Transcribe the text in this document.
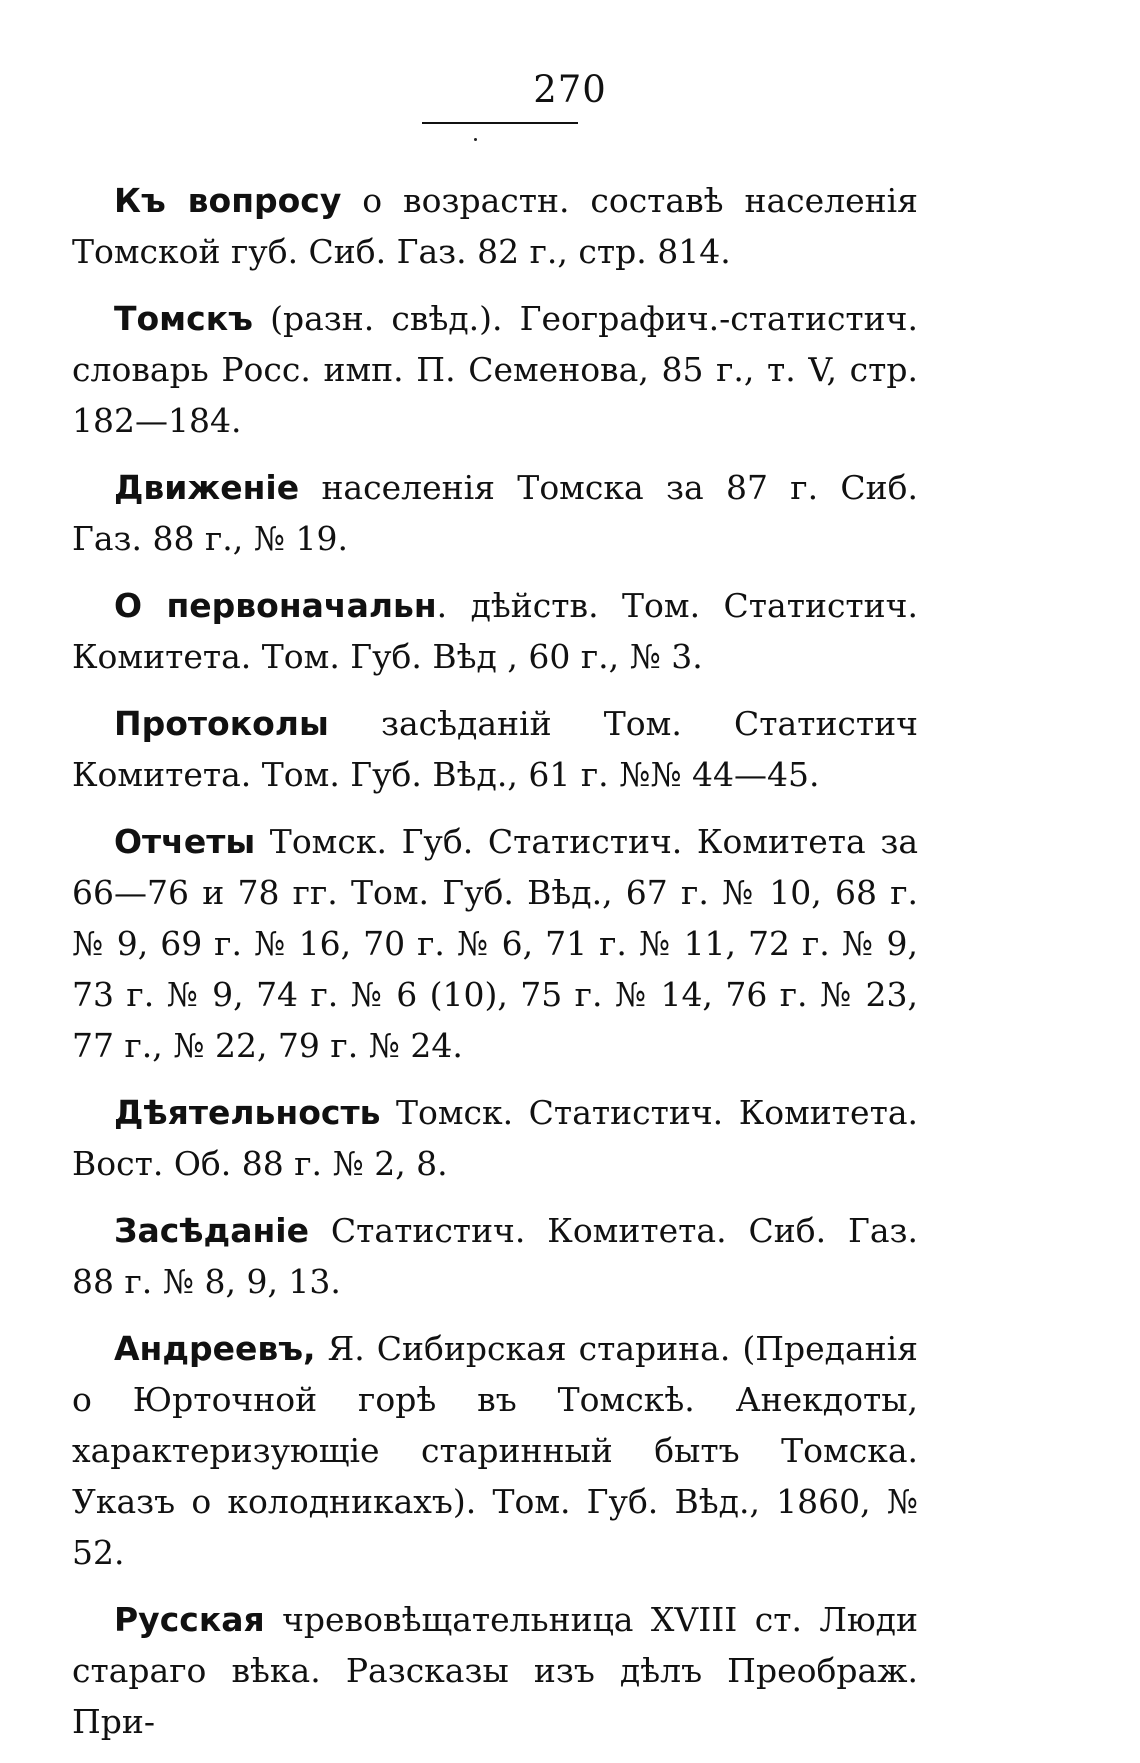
270

Къ вопросу о возрастн. составѣ населенія Томской губ. Сиб. Газ. 82 г., стр. 814.

Томскъ (разн. свѣд.). Географич.-статистич. словарь Росс. имп. П. Семенова, 85 г., т. V, стр. 182—184.

Движеніе населенія Томска за 87 г. Сиб. Газ. 88 г., № 19.

О первоначальн. дѣйств. Том. Статистич. Комитета. Том. Губ. Вѣд , 60 г., № 3.

Протоколы засѣданій Том. Статистич Комитета. Том. Губ. Вѣд., 61 г. №№ 44—45.

Отчеты Томск. Губ. Статистич. Комитета за 66—76 и 78 гг. Том. Губ. Вѣд., 67 г. № 10, 68 г. № 9, 69 г. № 16, 70 г. № 6, 71 г. № 11, 72 г. № 9, 73 г. № 9, 74 г. № 6 (10), 75 г. № 14, 76 г. № 23, 77 г., № 22, 79 г. № 24.

Дѣятельность Томск. Статистич. Комитета. Вост. Об. 88 г. № 2, 8.

Засѣданіе Статистич. Комитета. Сиб. Газ. 88 г. № 8, 9, 13.

Андреевъ, Я. Сибирская старина. (Преданія о Юрточной горѣ въ Томскѣ. Анекдоты, характеризующіе старинный бытъ Томска. Указъ о колодникахъ). Том. Губ. Вѣд., 1860, № 52.

Русская чревовѣщательница XVIII ст. Люди стараго вѣка. Разсказы изъ дѣлъ Преображ. При-
